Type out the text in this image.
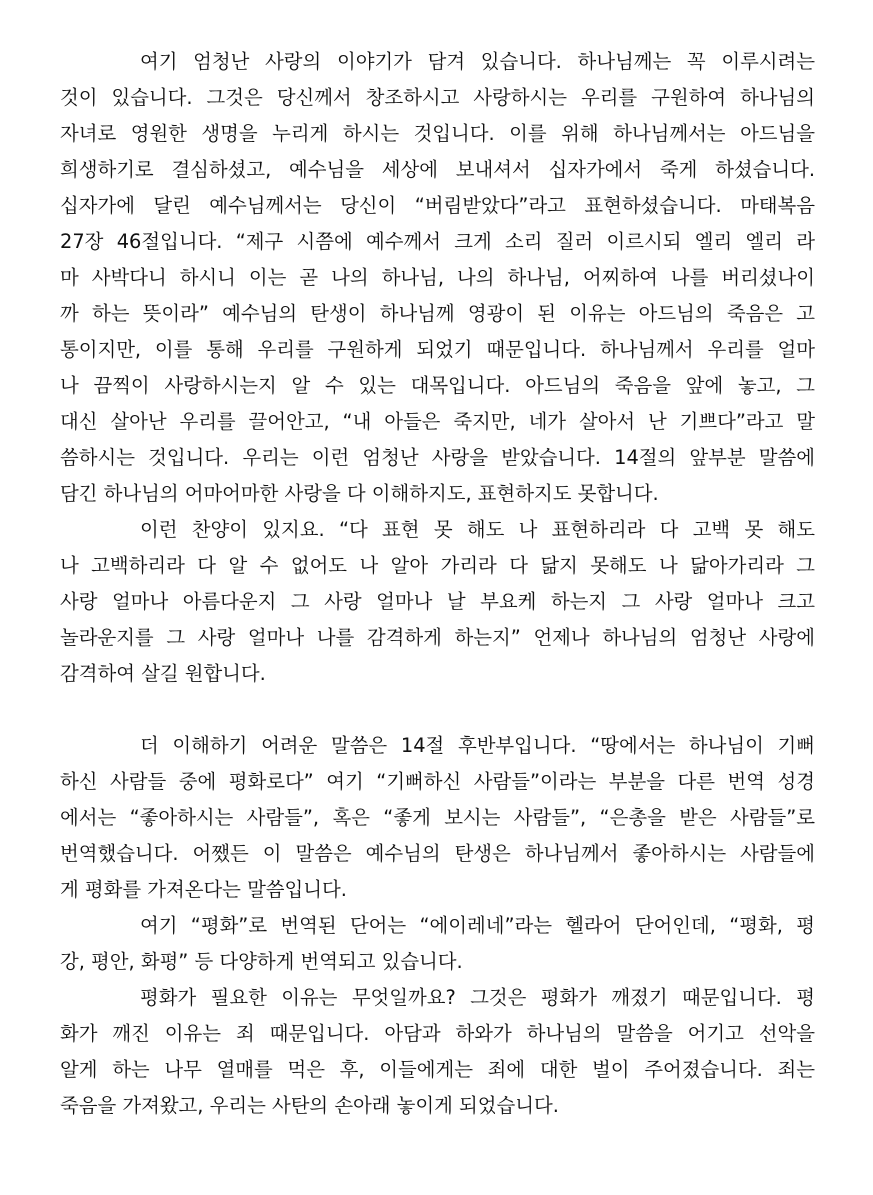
여기 엄청난 사랑의 이야기가 담겨 있습니다. 하나님께는 꼭 이루시려는
것이 있습니다. 그것은 당신께서 창조하시고 사랑하시는 우리를 구원하여 하나님의
자녀로 영원한 생명을 누리게 하시는 것입니다. 이를 위해 하나님께서는 아드님을
희생하기로 결심하셨고, 예수님을 세상에 보내셔서 십자가에서 죽게 하셨습니다.
십자가에 달린 예수님께서는 당신이 “버림받았다”라고 표현하셨습니다. 마태복음
27장 46절입니다. “제구 시쯤에 예수께서 크게 소리 질러 이르시되 엘리 엘리 라
마 사박다니 하시니 이는 곧 나의 하나님, 나의 하나님, 어찌하여 나를 버리셨나이
까 하는 뜻이라” 예수님의 탄생이 하나님께 영광이 된 이유는 아드님의 죽음은 고
통이지만, 이를 통해 우리를 구원하게 되었기 때문입니다. 하나님께서 우리를 얼마
나 끔찍이 사랑하시는지 알 수 있는 대목입니다. 아드님의 죽음을 앞에 놓고, 그
대신 살아난 우리를 끌어안고, “내 아들은 죽지만, 네가 살아서 난 기쁘다”라고 말
씀하시는 것입니다. 우리는 이런 엄청난 사랑을 받았습니다. 14절의 앞부분 말씀에
담긴 하나님의 어마어마한 사랑을 다 이해하지도, 표현하지도 못합니다.
이런 찬양이 있지요. “다 표현 못 해도 나 표현하리라 다 고백 못 해도
나 고백하리라 다 알 수 없어도 나 알아 가리라 다 닮지 못해도 나 닮아가리라 그
사랑 얼마나 아름다운지 그 사랑 얼마나 날 부요케 하는지 그 사랑 얼마나 크고
놀라운지를 그 사랑 얼마나 나를 감격하게 하는지” 언제나 하나님의 엄청난 사랑에
감격하여 살길 원합니다.
더 이해하기 어려운 말씀은 14절 후반부입니다. “땅에서는 하나님이 기뻐
하신 사람들 중에 평화로다” 여기 “기뻐하신 사람들”이라는 부분을 다른 번역 성경
에서는 “좋아하시는 사람들”, 혹은 “좋게 보시는 사람들”, “은총을 받은 사람들”로
번역했습니다. 어쨌든 이 말씀은 예수님의 탄생은 하나님께서 좋아하시는 사람들에
게 평화를 가져온다는 말씀입니다.
여기 “평화”로 번역된 단어는 “에이레네”라는 헬라어 단어인데, “평화, 평
강, 평안, 화평” 등 다양하게 번역되고 있습니다.
평화가 필요한 이유는 무엇일까요? 그것은 평화가 깨졌기 때문입니다. 평
화가 깨진 이유는 죄 때문입니다. 아담과 하와가 하나님의 말씀을 어기고 선악을
알게 하는 나무 열매를 먹은 후, 이들에게는 죄에 대한 벌이 주어졌습니다. 죄는
죽음을 가져왔고, 우리는 사탄의 손아래 놓이게 되었습니다.
